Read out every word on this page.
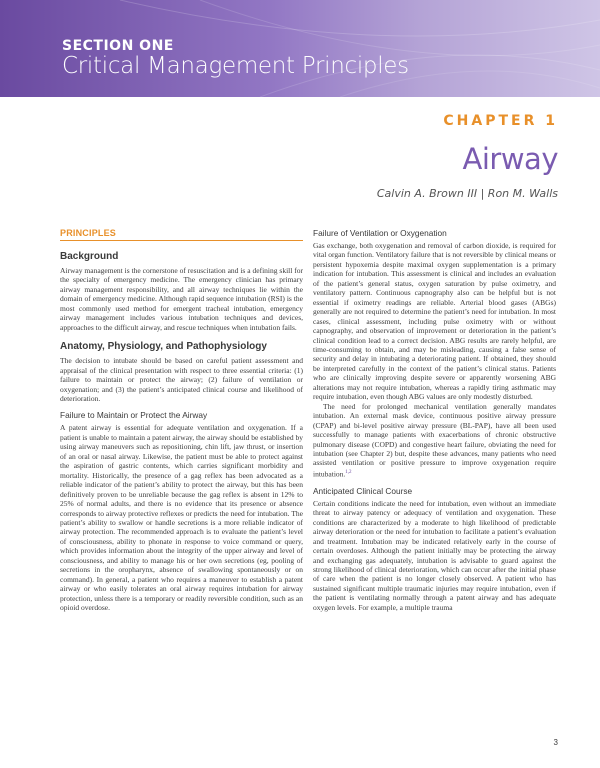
SECTION ONE
Critical Management Principles
CHAPTER 1
Airway
Calvin A. Brown III | Ron M. Walls
PRINCIPLES
Background

Airway management is the cornerstone of resuscitation and is a defining skill for the specialty of emergency medicine. The emergency clinician has primary airway management responsibility, and all airway techniques lie within the domain of emergency medicine. Although rapid sequence intubation (RSI) is the most commonly used method for emergent tracheal intubation, emergency airway management includes various intubation techniques and devices, approaches to the difficult airway, and rescue techniques when intubation fails.

Anatomy, Physiology, and Pathophysiology

The decision to intubate should be based on careful patient assessment and appraisal of the clinical presentation with respect to three essential criteria: (1) failure to maintain or protect the airway; (2) failure of ventilation or oxygenation; and (3) the patient’s anticipated clinical course and likelihood of deterioration.

Failure to Maintain or Protect the Airway

A patent airway is essential for adequate ventilation and oxygenation. If a patient is unable to maintain a patent airway, the airway should be established by using airway maneuvers such as repositioning, chin lift, jaw thrust, or insertion of an oral or nasal airway. Likewise, the patient must be able to protect against the aspiration of gastric contents, which carries significant morbidity and mortality. Historically, the presence of a gag reflex has been advocated as a reliable indicator of the patient’s ability to protect the airway, but this has been definitively proven to be unreliable because the gag reflex is absent in 12% to 25% of normal adults, and there is no evidence that its presence or absence corresponds to airway protective reflexes or predicts the need for intubation. The patient’s ability to swallow or handle secretions is a more reliable indicator of airway protection. The recommended approach is to evaluate the patient’s level of consciousness, ability to phonate in response to voice command or query, which provides information about the integrity of the upper airway and level of consciousness, and ability to manage his or her own secretions (eg, pooling of secretions in the oropharynx, absence of swallowing spontaneously or on command). In general, a patient who requires a maneuver to establish a patent airway or who easily tolerates an oral airway requires intubation for airway protection, unless there is a temporary or readily reversible condition, such as an opioid overdose.

Failure of Ventilation or Oxygenation

Gas exchange, both oxygenation and removal of carbon dioxide, is required for vital organ function. Ventilatory failure that is not reversible by clinical means or persistent hypoxemia despite maximal oxygen supplementation is a primary indication for intubation. This assessment is clinical and includes an evaluation of the patient’s general status, oxygen saturation by pulse oximetry, and ventilatory pattern. Continuous capnography also can be helpful but is not essential if oximetry readings are reliable. Arterial blood gases (ABGs) generally are not required to determine the patient’s need for intubation. In most cases, clinical assessment, including pulse oximetry with or without capnography, and observation of improvement or deterioration in the patient’s clinical condition lead to a correct decision. ABG results are rarely helpful, are time-consuming to obtain, and may be misleading, causing a false sense of security and delay in intubating a deteriorating patient. If obtained, they should be interpreted carefully in the context of the patient’s clinical status. Patients who are clinically improving despite severe or apparently worsening ABG alterations may not require intubation, whereas a rapidly tiring asthmatic may require intubation, even though ABG values are only modestly disturbed.

The need for prolonged mechanical ventilation generally mandates intubation. An external mask device, continuous positive airway pressure (CPAP) and bi-level positive airway pressure (BL-PAP), have all been used successfully to manage patients with exacerbations of chronic obstructive pulmonary disease (COPD) and congestive heart failure, obviating the need for intubation (see Chapter 2) but, despite these advances, many patients who need assisted ventilation or positive pressure to improve oxygenation require intubation.$^{1,2}$

Anticipated Clinical Course

Certain conditions indicate the need for intubation, even without an immediate threat to airway patency or adequacy of ventilation and oxygenation. These conditions are characterized by a moderate to high likelihood of predictable airway deterioration or the need for intubation to facilitate a patient’s evaluation and treatment. Intubation may be indicated relatively early in the course of certain overdoses. Although the patient initially may be protecting the airway and exchanging gas adequately, intubation is advisable to guard against the strong likelihood of clinical deterioration, which can occur after the initial phase of care when the patient is no longer closely observed. A patient who has sustained significant multiple traumatic injuries may require intubation, even if the patient is ventilating normally through a patent airway and has adequate oxygen levels. For example, a multiple trauma

3
